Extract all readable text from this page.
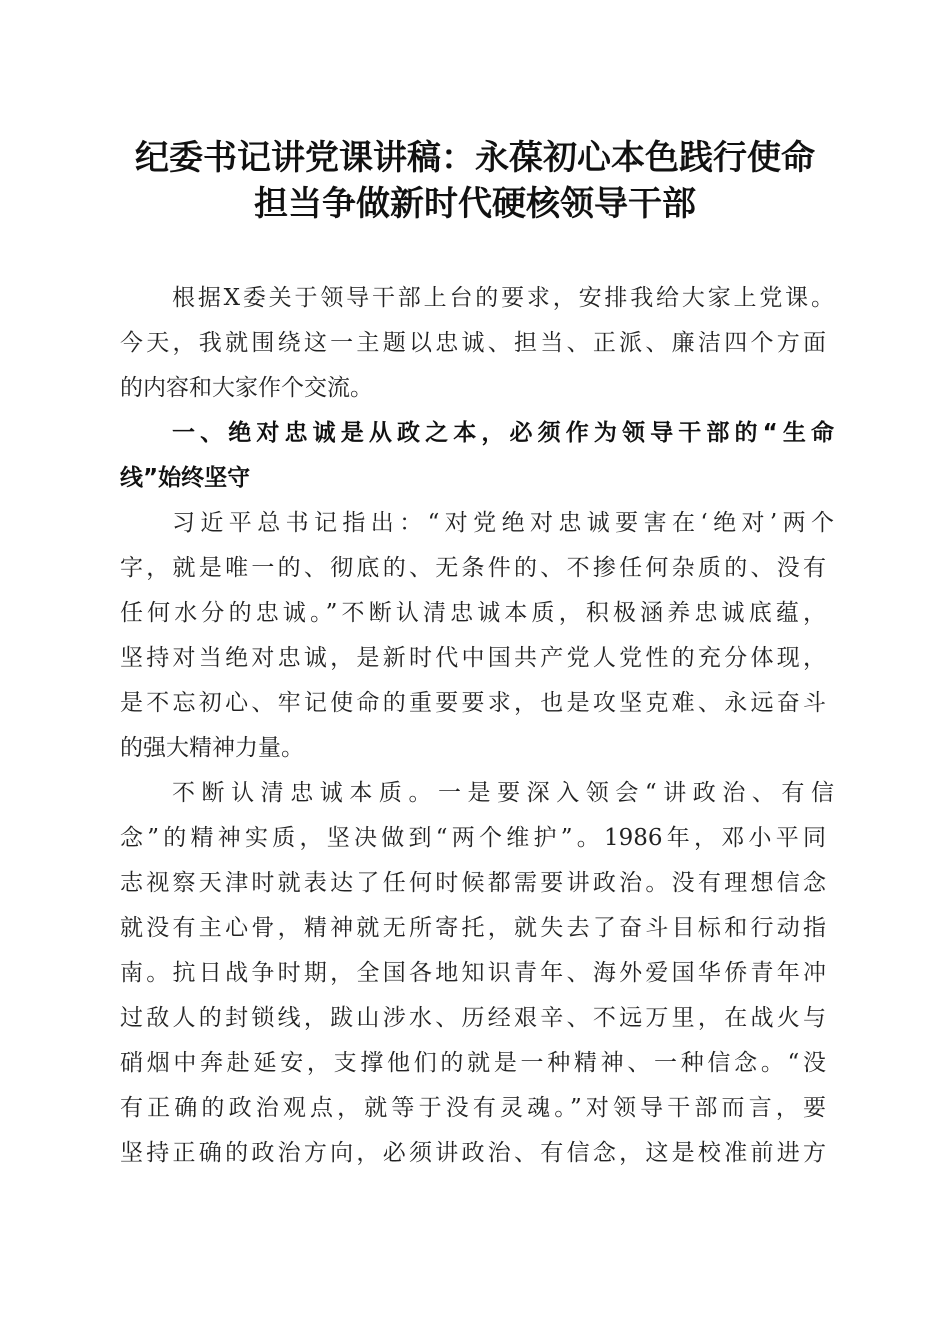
纪委书记讲党课讲稿：永葆初心本色践行使命
担当争做新时代硬核领导干部
根据X委关于领导干部上台的要求，安排我给大家上党课。
今天，我就围绕这一主题以忠诚、担当、正派、廉洁四个方面
的内容和大家作个交流。
一、绝对忠诚是从政之本，必须作为领导干部的“生命
线”始终坚守
习近平总书记指出：“对党绝对忠诚要害在‘绝对’两个
字，就是唯一的、彻底的、无条件的、不掺任何杂质的、没有
任何水分的忠诚。”不断认清忠诚本质，积极涵养忠诚底蕴，
坚持对当绝对忠诚，是新时代中国共产党人党性的充分体现，
是不忘初心、牢记使命的重要要求，也是攻坚克难、永远奋斗
的强大精神力量。
不断认清忠诚本质。一是要深入领会“讲政治、有信
念”的精神实质，坚决做到“两个维护”。1986年，邓小平同
志视察天津时就表达了任何时候都需要讲政治。没有理想信念
就没有主心骨，精神就无所寄托，就失去了奋斗目标和行动指
南。抗日战争时期，全国各地知识青年、海外爱国华侨青年冲
过敌人的封锁线，跋山涉水、历经艰辛、不远万里，在战火与
硝烟中奔赴延安，支撑他们的就是一种精神、一种信念。“没
有正确的政治观点，就等于没有灵魂。”对领导干部而言，要
坚持正确的政治方向，必须讲政治、有信念，这是校准前进方
